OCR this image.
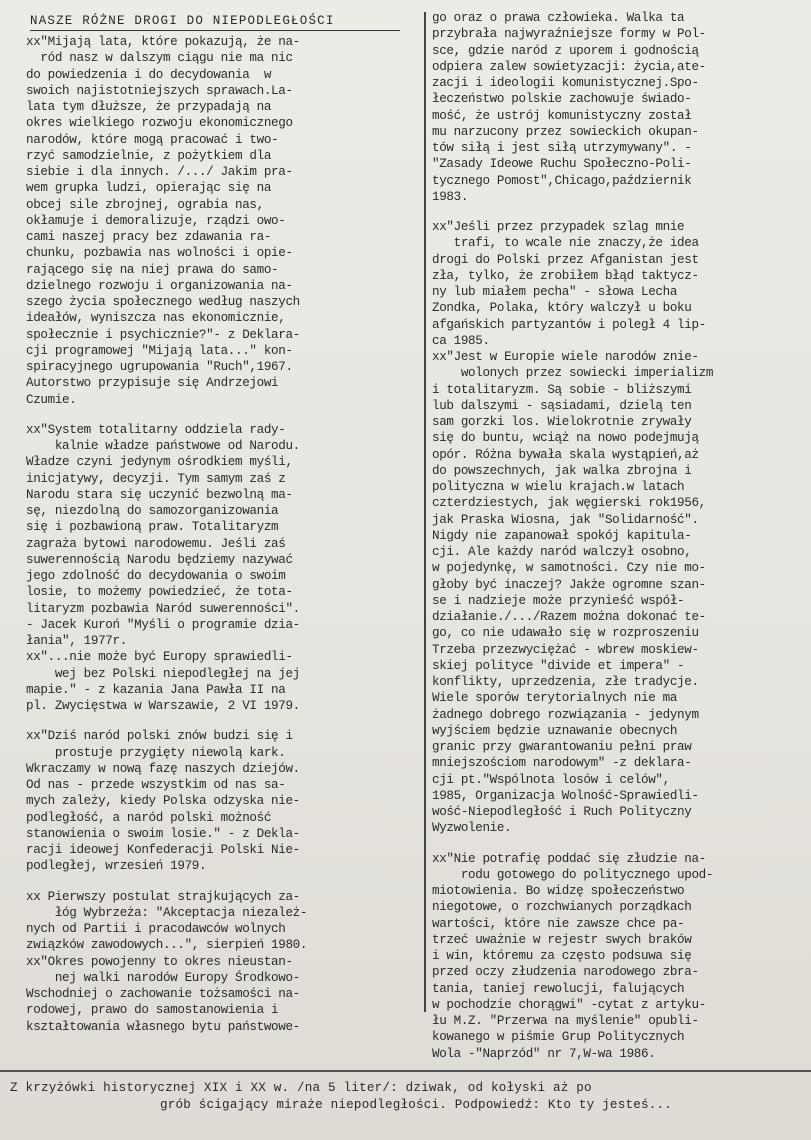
NASZE RÓŻNE DROGI DO NIEPODLEGŁOŚCI
xx"Mijają lata, które pokazują, że na-
ród nasz w dalszym ciągu nie ma nic
do powiedzenia i do decydowania  w
swoich najistotniejszych sprawach.La-
lata tym dłuższe, że przypadają na
okres wielkiego rozwoju ekonomicznego
narodów, które mogą pracować i two-
rzyć samodzielnie, z pożytkiem dla
siebie i dla innych. /.../ Jakim pra-
wem grupka ludzi, opierając się na
obcej sile zbrojnej, ograbia nas,
okłamuje i demoralizuje, rządzi owo-
cami naszej pracy bez zdawania ra-
chunku, pozbawia nas wolności i opie-
rającego się na niej prawa do samo-
dzielnego rozwoju i organizowania na-
szego życia społecznego według naszych
ideałów, wyniszcza nas ekonomicznie,
społecznie i psychicznie?"- z Deklara-
cji programowej "Mijają lata..." kon-
spiracyjnego ugrupowania "Ruch",1967.
Autorstwo przypisuje się Andrzejowi
Czumie.
xx"System totalitarny oddziela rady-
kalnie władze państwowe od Narodu.
Władze czyni jedynym ośrodkiem myśli,
inicjatywy, decyzji. Tym samym zaś z
Narodu stara się uczynić bezwolną ma-
sę, niezdolną do samozorganizowania
się i pozbawioną praw. Totalitaryzm
zagraża bytowi narodowemu. Jeśli zaś
suwerennością Narodu będziemy nazywać
jego zdolność do decydowania o swoim
losie, to możemy powiedzieć, że tota-
litaryzm pozbawia Naród suwerenności".
- Jacek Kuroń "Myśli o programie dzia-
łania", 1977r.
xx"...nie może być Europy sprawiedli-
wej bez Polski niepodległej na jej
mapie." - z kazania Jana Pawła II na
pl. Zwycięstwa w Warszawie, 2 VI 1979.
xx"Dziś naród polski znów budzi się i
prostuje przygięty niewolą kark.
Wkraczamy w nową fazę naszych dziejów.
Od nas - przede wszystkim od nas sa-
mych zależy, kiedy Polska odzyska nie-
podległość, a naród polski możność
stanowienia o swoim losie." - z Dekla-
racji ideowej Konfederacji Polski Nie-
podległej, wrzesień 1979.
xx Pierwszy postulat strajkujących za-
łóg Wybrzeża: "Akceptacja niezależ-
nych od Partii i pracodawców wolnych
związków zawodowych...", sierpień 1980.
xx"Okres powojenny to okres nieustan-
nej walki narodów Europy Środkowo-
Wschodniej o zachowanie tożsamości na-
rodowej, prawo do samostanowienia i
kształtowania własnego bytu państwowe-
go oraz o prawa człowieka. Walka ta
przybrała najwyraźniejsze formy w Pol-
sce, gdzie naród z uporem i godnością
odpiera zalew sowietyzacji: życia,ate-
zacji i ideologii komunistycznej.Spo-
łeczeństwo polskie zachowuje świado-
mość, że ustrój komunistyczny został
mu narzucony przez sowieckich okupan-
tów siłą i jest siłą utrzymywany". -
"Zasady Ideowe Ruchu Społeczno-Poli-
tycznego Pomost",Chicago,październik
1983.
xx"Jeśli przez przypadek szlag mnie
trafi, to wcale nie znaczy,że idea
drogi do Polski przez Afganistan jest
zła, tylko, że zrobiłem błąd taktycz-
ny lub miałem pecha" - słowa Lecha
Zondka, Polaka, który walczył u boku
afgańskich partyzantów i poległ 4 lip-
ca 1985.
xx"Jest w Europie wiele narodów znie-
wolonych przez sowiecki imperializm
i totalitaryzm. Są sobie - bliższymi
lub dalszymi - sąsiadami, dzielą ten
sam gorzki los. Wielokrotnie zrywały
się do buntu, wciąż na nowo podejmują
opór. Różna bywała skala wystąpień,aż
do powszechnych, jak walka zbrojna i
polityczna w wielu krajach.w latach
czterdziestych, jak węgierski rok1956,
jak Praska Wiosna, jak "Solidarność".
Nigdy nie zapanował spokój kapitula-
cji. Ale każdy naród walczył osobno,
w pojedynkę, w samotności. Czy nie mo-
głoby być inaczej? Jakże ogromne szan-
se i nadzieje może przynieść współ-
działanie./.../Razem można dokonać te-
go, co nie udawało się w rozproszeniu
Trzeba przezwyciężać - wbrew moskiew-
skiej polityce "divide et impera" -
konflikty, uprzedzenia, złe tradycje.
Wiele sporów terytorialnych nie ma
żadnego dobrego rozwiązania - jedynym
wyjściem będzie uznawanie obecnych
granic przy gwarantowaniu pełni praw
mniejszościom narodowym" -z deklara-
cji pt."Wspólnota losów i celów",
1985, Organizacja Wolność-Sprawiedli-
wość-Niepodległość i Ruch Polityczny
Wyzwolenie.
xx"Nie potrafię poddać się złudzie na-
rodu gotowego do politycznego upod-
miotowienia. Bo widzę społeczeństwo
niegotowe, o rozchwianych porządkach
wartości, które nie zawsze chce pa-
trzeć uważnie w rejestr swych braków
i win, któremu za często podsuwa się
przed oczy złudzenia narodowego zbra-
tania, taniej rewolucji, falujących
w pochodzie chorągwi" -cytat z artyku-
łu M.Z. "Przerwa na myślenie" opubli-
kowanego w piśmie Grup Politycznych
Wola -"Naprzód" nr 7,W-wa 1986.
Z krzyżówki historycznej XIX i XX w. /na 5 liter/: dziwak, od kołyski aż po
grób ścigający miraże niepodległości. Podpowiedź: Kto ty jesteś...
